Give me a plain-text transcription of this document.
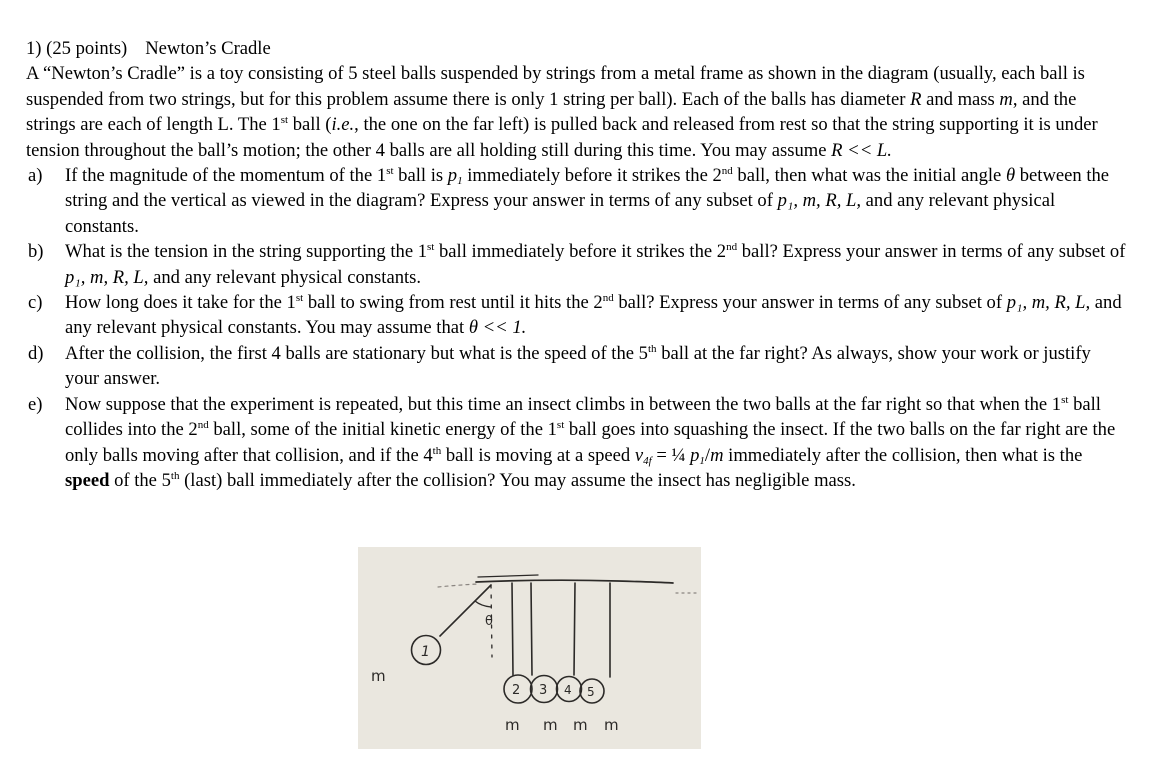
1) (25 points) Newton’s Cradle

A “Newton’s Cradle” is a toy consisting of 5 steel balls suspended by strings from a metal frame as shown in the diagram (usually, each ball is suspended from two strings, but for this problem assume there is only 1 string per ball). Each of the balls has diameter R and mass m, and the strings are each of length L. The 1st ball (i.e., the one on the far left) is pulled back and released from rest so that the string supporting it is under tension throughout the ball’s motion; the other 4 balls are all holding still during this time. You may assume R << L.

a) If the magnitude of the momentum of the 1st ball is $p_1$ immediately before it strikes the 2nd ball, then what was the initial angle θ between the string and the vertical as viewed in the diagram? Express your answer in terms of any subset of p₁, m, R, L, and any relevant physical constants.
b) What is the tension in the string supporting the 1st ball immediately before it strikes the 2nd ball? Express your answer in terms of any subset of p₁, m, R, L, and any relevant physical constants.
c) How long does it take for the 1st ball to swing from rest until it hits the 2nd ball? Express your answer in terms of any subset of p₁, m, R, L, and any relevant physical constants. You may assume that θ << 1.
d) After the collision, the first 4 balls are stationary but what is the speed of the 5th ball at the far right? As always, show your work or justify your answer.
e) Now suppose that the experiment is repeated, but this time an insect climbs in between the two balls at the far right so that when the 1st ball collides into the 2nd ball, some of the initial kinetic energy of the 1st ball goes into squashing the insect. If the two balls on the far right are the only balls moving after that collision, and if the 4th ball is moving at a speed $v_{4f}$ = ¼ $p_1/m$ immediately after the collision, then what is the speed of the 5th (last) ball immediately after the collision? You may assume the insect has negligible mass.
1
2 3 4 5
θ
m
m m m m
